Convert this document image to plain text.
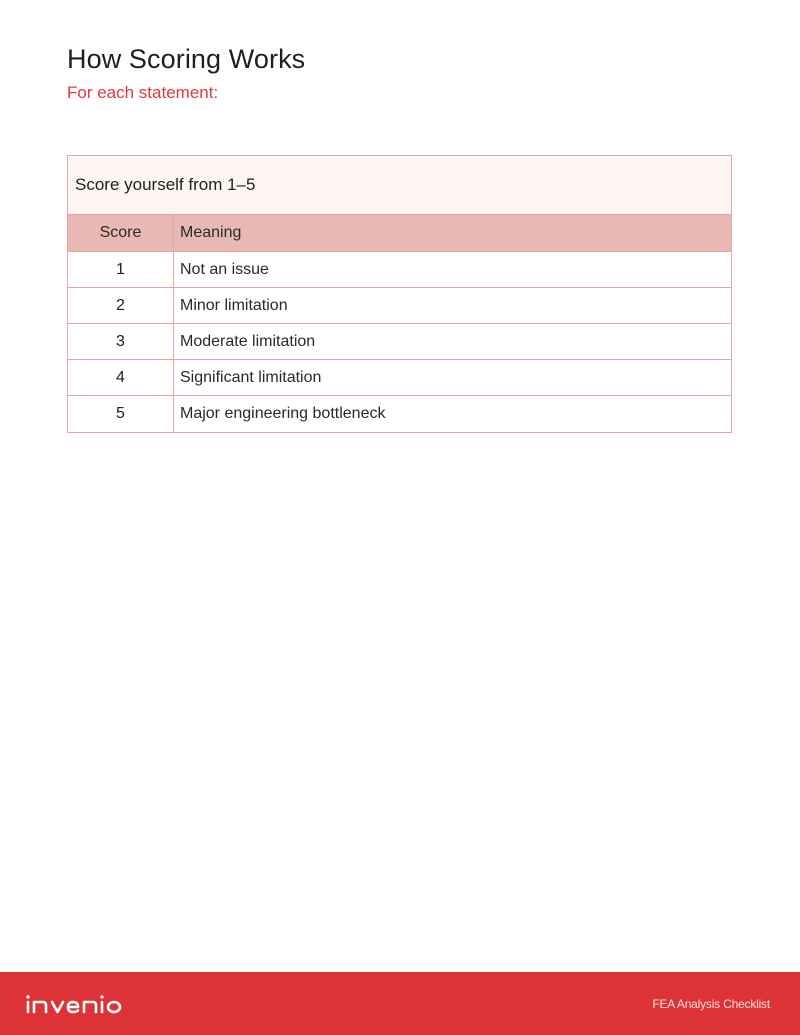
How Scoring Works

For each statement:

Score yourself from 1–5
Score	Meaning
1	Not an issue
2	Minor limitation
3	Moderate limitation
4	Significant limitation
5	Major engineering bottleneck
FEA Analysis Checklist
